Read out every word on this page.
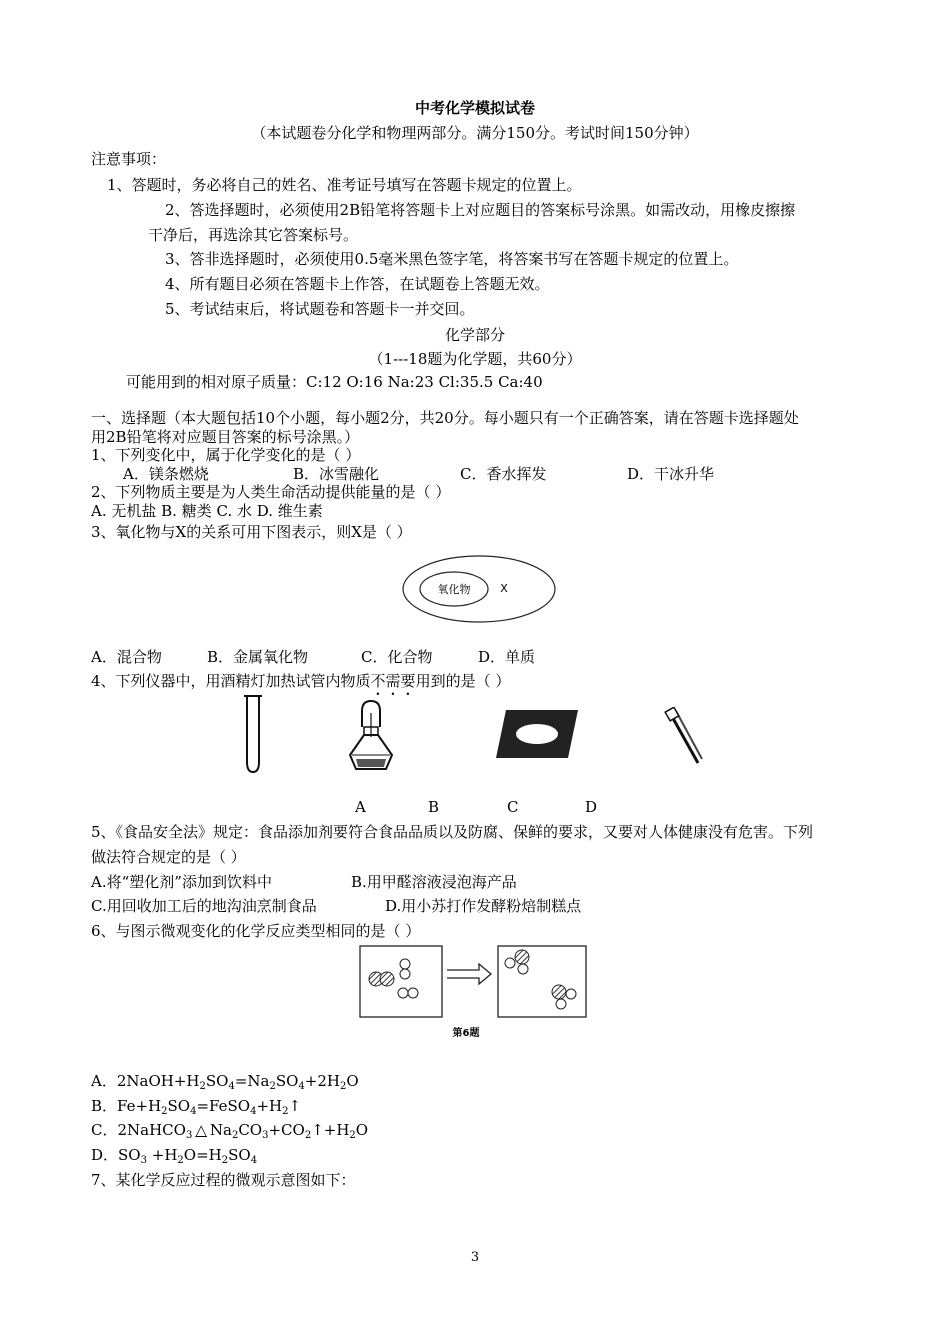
中考化学模拟试卷
（本试题卷分化学和物理两部分。满分150分。考试时间150分钟）
注意事项：
1、答题时，务必将自己的姓名、准考证号填写在答题卡规定的位置上。
2、答选择题时，必须使用2B铅笔将答题卡上对应题目的答案标号涂黑。如需改动，用橡皮擦擦
干净后，再选涂其它答案标号。
3、答非选择题时，必须使用0.5毫米黑色签字笔，将答案书写在答题卡规定的位置上。
4、所有题目必须在答题卡上作答，在试题卷上答题无效。
5、考试结束后，将试题卷和答题卡一并交回。
化学部分
（1---18题为化学题，共60分）
可能用到的相对原子质量：C:12 O:16 Na:23 Cl:35.5 Ca:40
一、选择题（本大题包括10个小题，每小题2分，共20分。每小题只有一个正确答案，请在答题卡选择题处
用2B铅笔将对应题目答案的标号涂黑。）
1、下列变化中，属于化学变化的是（ ）
A．镁条燃烧	B．冰雪融化	C．香水挥发	D．干冰升华
2、下列物质主要是为人类生命活动提供能量的是（ ）
A. 无机盐 B. 糖类 C. 水 D. 维生素
3、氧化物与X的关系可用下图表示，则X是（ ）
氧化物	X
A．混合物	B．金属氧化物	C．化合物	D．单质
4、下列仪器中，用酒精灯加热试管内物质不需要用到的是（ ）
A	B	C	D
5、《食品安全法》规定：食品添加剂要符合食品品质以及防腐、保鲜的要求，又要对人体健康没有危害。下列
做法符合规定的是（ ）
A.将“塑化剂”添加到饮料中	B.用甲醛溶液浸泡海产品
C.用回收加工后的地沟油烹制食品	D.用小苏打作发酵粉焙制糕点
6、与图示微观变化的化学反应类型相同的是（ ）
第6题
A．$2NaOH+H_2SO_4=Na_2SO_4+2H_2O$
B．$Fe+H_2SO_4=FeSO_4+H_2↑$
C．2NaHCO$_3$ △ $Na_2CO_3+CO_2↑+H_2O$
D．$SO_3 +H_2O=H_2SO_4$
7、某化学反应过程的微观示意图如下：
3
